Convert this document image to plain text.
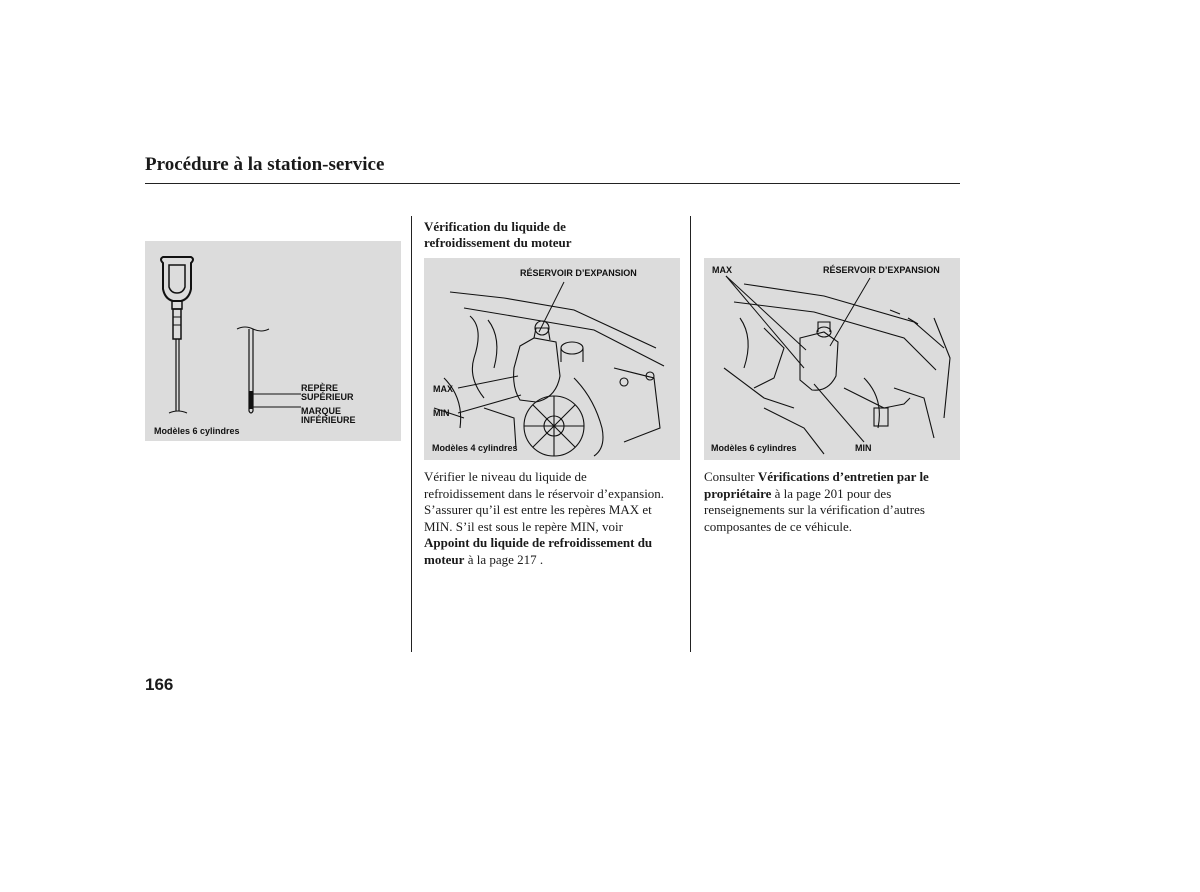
Procédure à la station-service
REPÈRE
SUPÉRIEUR
MARQUE
INFÉRIEURE
Modèles 6 cylindres
Vérification du liquide de
refroidissement du moteur
RÉSERVOIR D’EXPANSION
MAX
MIN
Modèles 4 cylindres
Vérifier le niveau du liquide de
refroidissement dans le réservoir d’expansion.
S’assurer qu’il est entre les repères MAX et
MIN. S’il est sous le repère MIN, voir
Appoint du liquide de refroidissement du
moteur à la page 217 .
MAX	RÉSERVOIR D’EXPANSION
Modèles 6 cylindres	MIN
Consulter Vérifications d’entretien par le
propriétaire à la page 201 pour des
renseignements sur la vérification d’autres
composantes de ce véhicule.
166
